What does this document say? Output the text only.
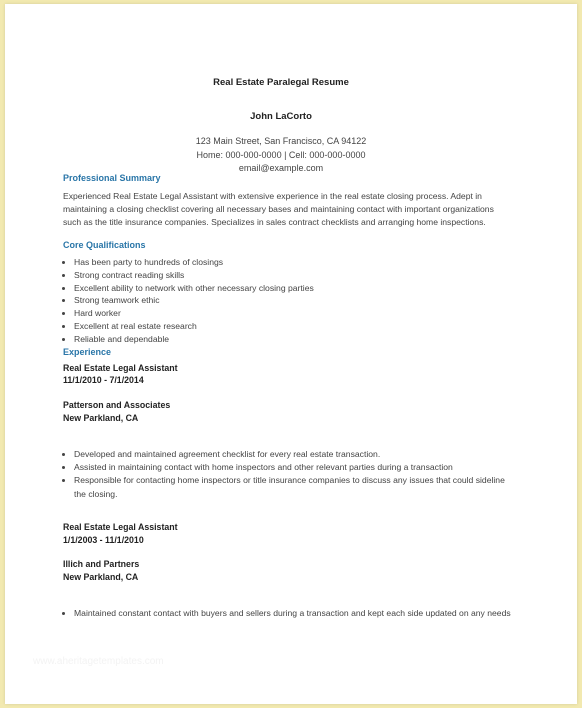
Real Estate Paralegal Resume
John LaCorto
123 Main Street, San Francisco, CA 94122
Home: 000-000-0000 | Cell: 000-000-0000
email@example.com
Professional Summary
Experienced Real Estate Legal Assistant with extensive experience in the real estate closing process. Adept in maintaining a closing checklist covering all necessary bases and maintaining contact with important organizations such as the title insurance companies. Specializes in sales contract checklists and arranging home inspections.
Core Qualifications
• Has been party to hundreds of closings
• Strong contract reading skills
• Excellent ability to network with other necessary closing parties
• Strong teamwork ethic
• Hard worker
• Excellent at real estate research
• Reliable and dependable
Experience
Real Estate Legal Assistant
11/1/2010 - 7/1/2014
Patterson and Associates
New Parkland, CA
• Developed and maintained agreement checklist for every real estate transaction.
• Assisted in maintaining contact with home inspectors and other relevant parties during a transaction
• Responsible for contacting home inspectors or title insurance companies to discuss any issues that could sideline the closing.
Real Estate Legal Assistant
1/1/2003 - 11/1/2010
Illich and Partners
New Parkland, CA
• Maintained constant contact with buyers and sellers during a transaction and kept each side updated on any needs
www.aheritagetemplates.com
